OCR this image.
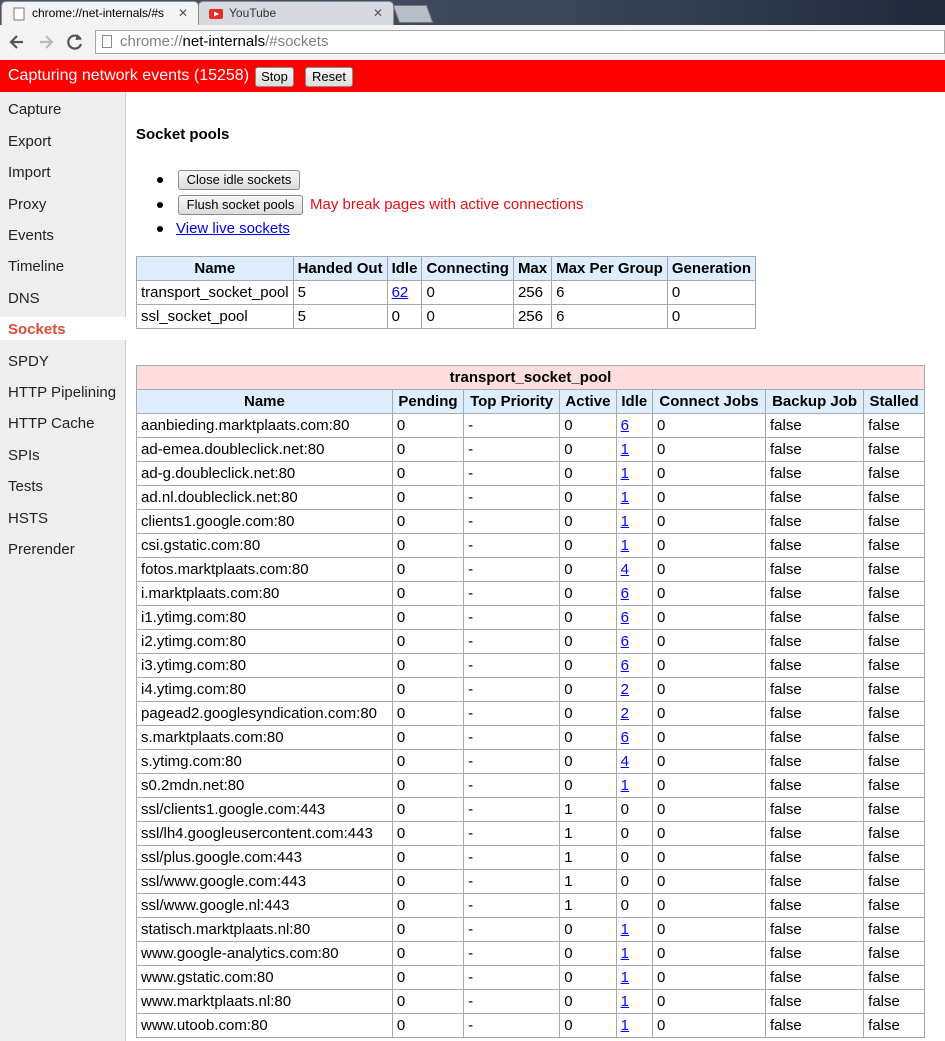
chrome://net-internals/#s ✕	YouTube	✕
chrome://net-internals/#sockets
Capturing network events (15258) Stop	Reset
Capture
Export
Import
Proxy
Events
Timeline
DNS
Sockets
SPDY
HTTP Pipelining
HTTP Cache
SPIs
Tests
HSTS
Prerender
Socket pools
Close idle sockets
Flush socket pools	May break pages with active connections
View live sockets
Name	Handed Out	Idle	Connecting	Max	Max Per Group	Generation
transport_socket_pool	5	62	0	256	6	0
ssl_socket_pool	5	0	0	256	6	0
transport_socket_pool							
Name	Pending	Top Priority	Active	Idle	Connect Jobs	Backup Job	Stalled
aanbieding.marktplaats.com:80	0	-	0	6	0	false	false
ad-emea.doubleclick.net:80	0	-	0	1	0	false	false
ad-g.doubleclick.net:80	0	-	0	1	0	false	false
ad.nl.doubleclick.net:80	0	-	0	1	0	false	false
clients1.google.com:80	0	-	0	1	0	false	false
csi.gstatic.com:80	0	-	0	1	0	false	false
fotos.marktplaats.com:80	0	-	0	4	0	false	false
i.marktplaats.com:80	0	-	0	6	0	false	false
i1.ytimg.com:80	0	-	0	6	0	false	false
i2.ytimg.com:80	0	-	0	6	0	false	false
i3.ytimg.com:80	0	-	0	6	0	false	false
i4.ytimg.com:80	0	-	0	2	0	false	false
pagead2.googlesyndication.com:80	0	-	0	2	0	false	false
s.marktplaats.com:80	0	-	0	6	0	false	false
s.ytimg.com:80	0	-	0	4	0	false	false
s0.2mdn.net:80	0	-	0	1	0	false	false
ssl/clients1.google.com:443	0	-	1	0	0	false	false
ssl/lh4.googleusercontent.com:443	0	-	1	0	0	false	false
ssl/plus.google.com:443	0	-	1	0	0	false	false
ssl/www.google.com:443	0	-	1	0	0	false	false
ssl/www.google.nl:443	0	-	1	0	0	false	false
statisch.marktplaats.nl:80	0	-	0	1	0	false	false
www.google-analytics.com:80	0	-	0	1	0	false	false
www.gstatic.com:80	0	-	0	1	0	false	false
www.marktplaats.nl:80	0	-	0	1	0	false	false
www.utoob.com:80	0	-	0	1	0	false	false
